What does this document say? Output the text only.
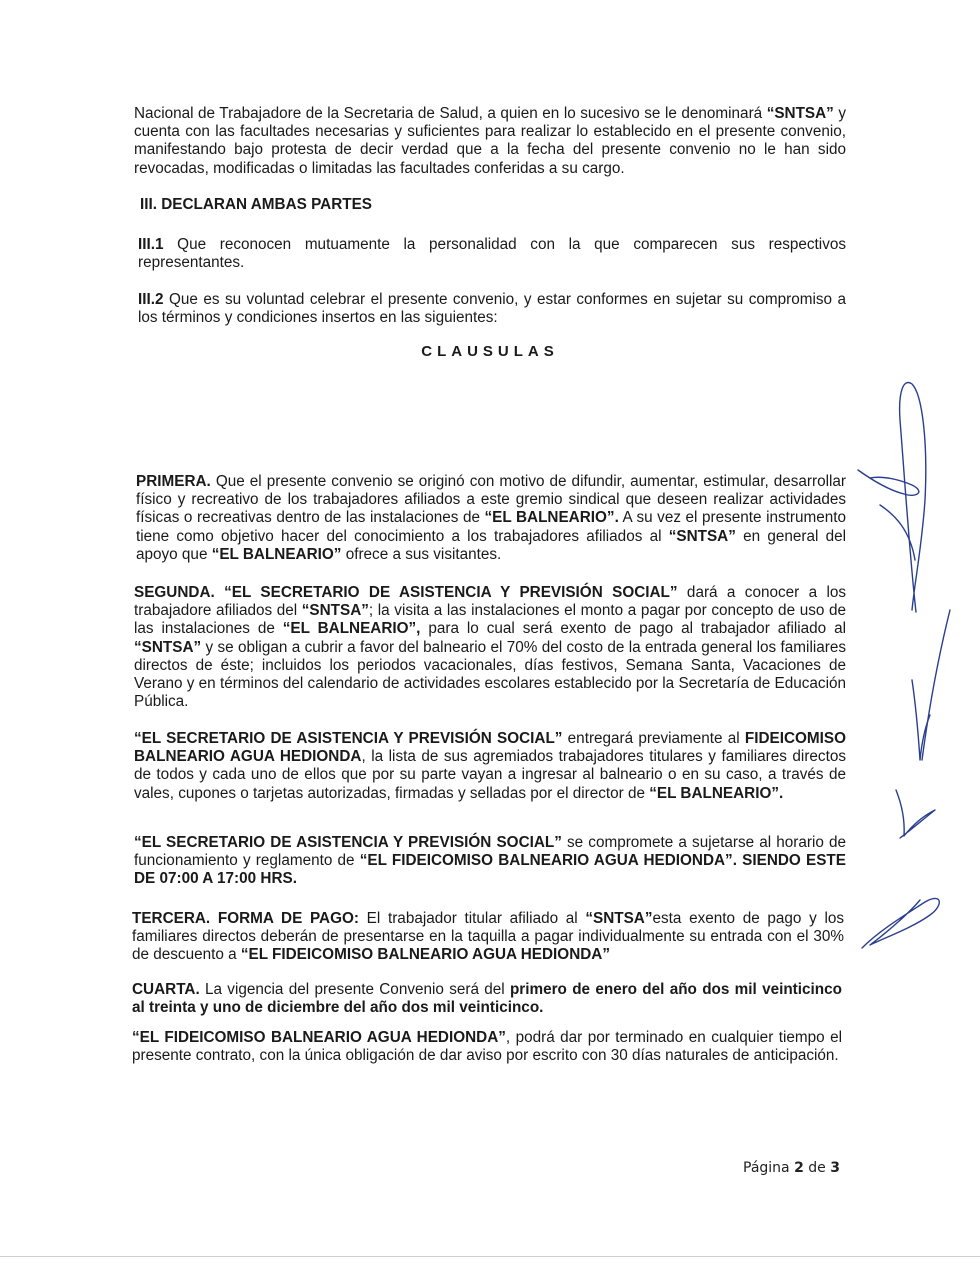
Nacional de Trabajadore de la Secretaria de Salud, a quien en lo sucesivo se le denominará “SNTSA” y cuenta con las facultades necesarias y suficientes para realizar lo establecido en el presente convenio, manifestando bajo protesta de decir verdad que a la fecha del presente convenio no le han sido revocadas, modificadas o limitadas las facultades conferidas a su cargo.
III. DECLARAN AMBAS PARTES
III.1 Que reconocen mutuamente la personalidad con la que comparecen sus respectivos representantes.
III.2 Que es su voluntad celebrar el presente convenio, y estar conformes en sujetar su compromiso a los términos y condiciones insertos en las siguientes:
CLAUSULAS
PRIMERA. Que el presente convenio se originó con motivo de difundir, aumentar, estimular, desarrollar físico y recreativo de los trabajadores afiliados a este gremio sindical que deseen realizar actividades físicas o recreativas dentro de las instalaciones de “EL BALNEARIO”. A su vez el presente instrumento tiene como objetivo hacer del conocimiento a los trabajadores afiliados al “SNTSA” en general del apoyo que “EL BALNEARIO” ofrece a sus visitantes.
SEGUNDA. “EL SECRETARIO DE ASISTENCIA Y PREVISIÓN SOCIAL” dará a conocer a los trabajadore afiliados del “SNTSA”; la visita a las instalaciones el monto a pagar por concepto de uso de las instalaciones de “EL BALNEARIO”, para lo cual será exento de pago al trabajador afiliado al “SNTSA” y se obligan a cubrir a favor del balneario el 70% del costo de la entrada general los familiares directos de éste; incluidos los periodos vacacionales, días festivos, Semana Santa, Vacaciones de Verano y en términos del calendario de actividades escolares establecido por la Secretaría de Educación Pública.
“EL SECRETARIO DE ASISTENCIA Y PREVISIÓN SOCIAL” entregará previamente al FIDEICOMISO BALNEARIO AGUA HEDIONDA, la lista de sus agremiados trabajadores titulares y familiares directos de todos y cada uno de ellos que por su parte vayan a ingresar al balneario o en su caso, a través de vales, cupones o tarjetas autorizadas, firmadas y selladas por el director de “EL BALNEARIO”.
“EL SECRETARIO DE ASISTENCIA Y PREVISIÓN SOCIAL” se compromete a sujetarse al horario de funcionamiento y reglamento de “EL FIDEICOMISO BALNEARIO AGUA HEDIONDA”. SIENDO ESTE DE 07:00 A 17:00 HRS.
TERCERA. FORMA DE PAGO: El trabajador titular afiliado al “SNTSA”esta exento de pago y los familiares directos deberán de presentarse en la taquilla a pagar individualmente su entrada con el 30% de descuento a “EL FIDEICOMISO BALNEARIO AGUA HEDIONDA”
CUARTA. La vigencia del presente Convenio será del primero de enero del año dos mil veinticinco al treinta y uno de diciembre del año dos mil veinticinco.
“EL FIDEICOMISO BALNEARIO AGUA HEDIONDA”, podrá dar por terminado en cualquier tiempo el presente contrato, con la única obligación de dar aviso por escrito con 30 días naturales de anticipación.
Página 2 de 3
